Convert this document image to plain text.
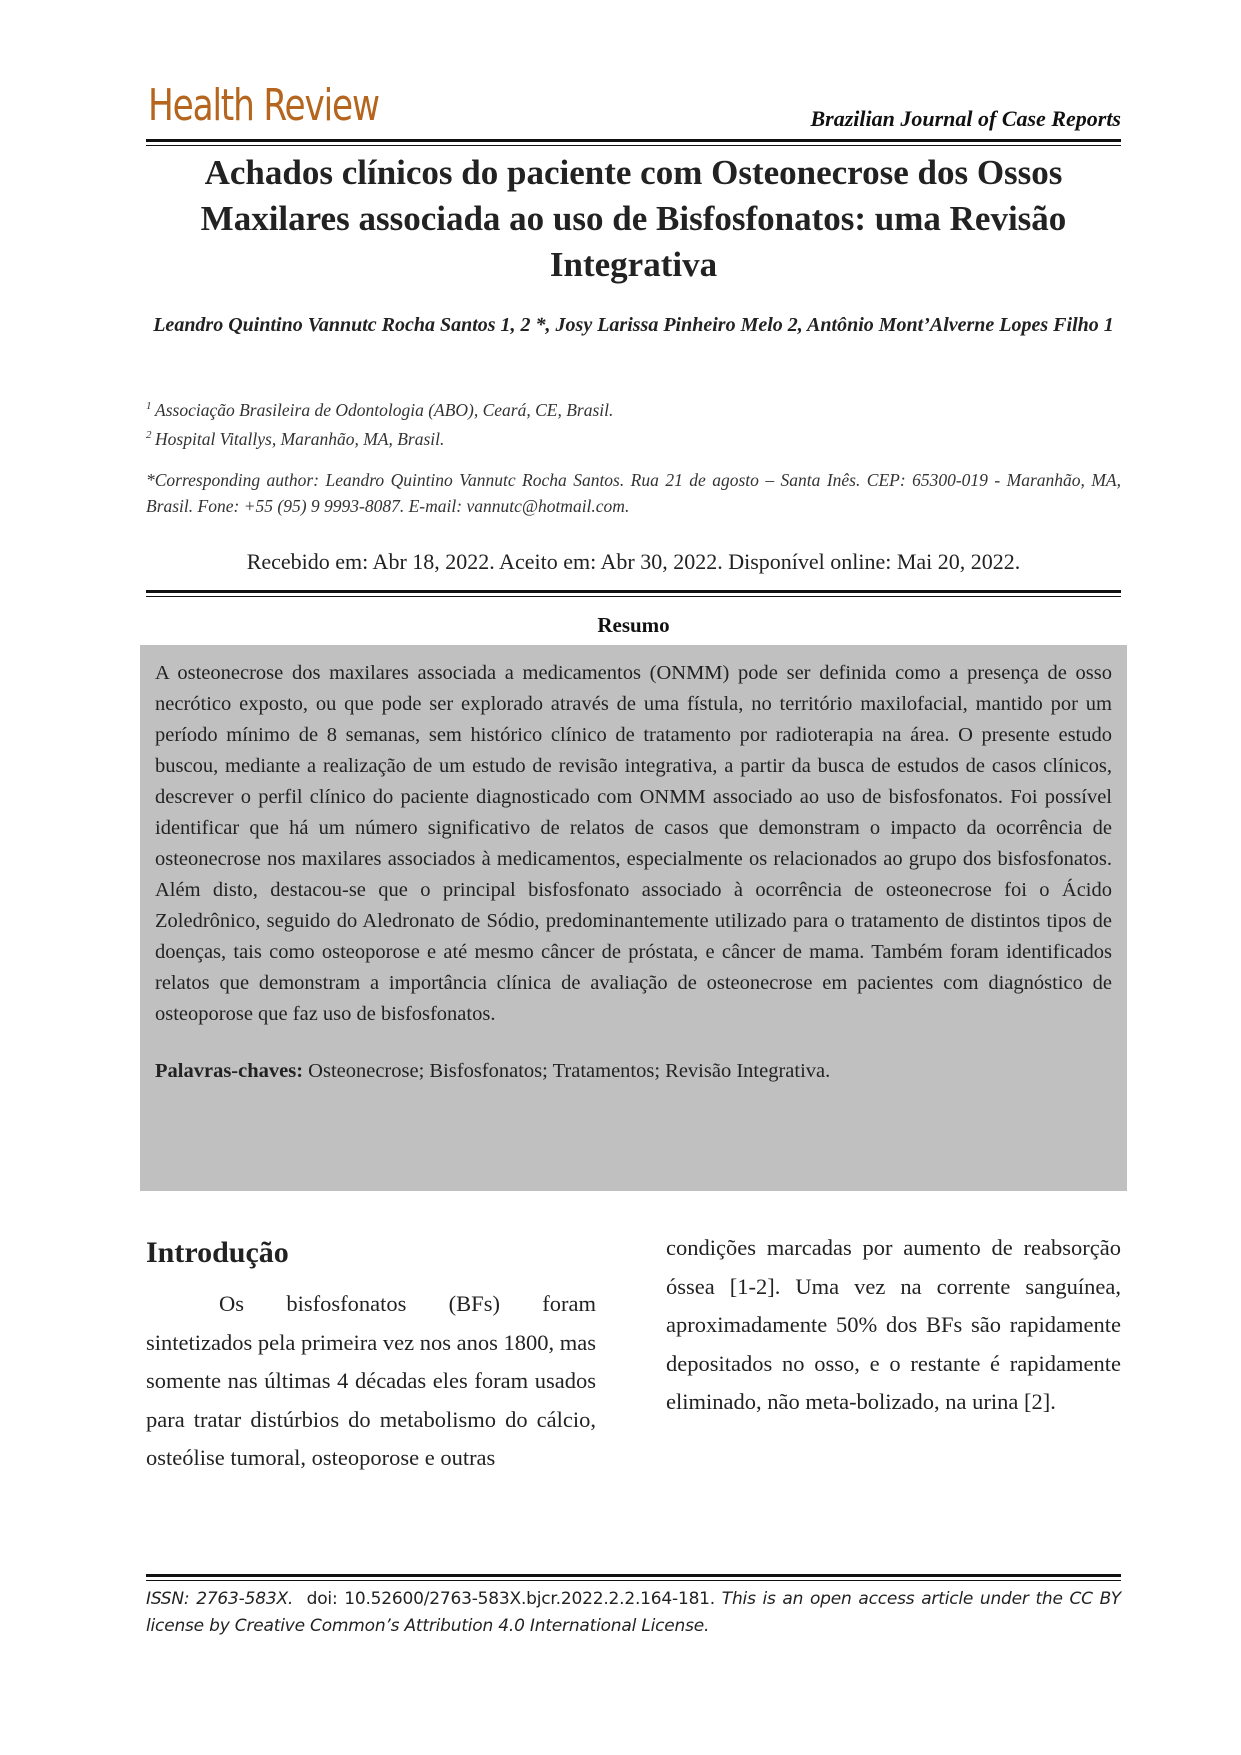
Health Review	Brazilian Journal of Case Reports
Achados clínicos do paciente com Osteonecrose dos Ossos Maxilares associada ao uso de Bisfosfonatos: uma Revisão Integrativa
Leandro Quintino Vannutc Rocha Santos 1, 2 *, Josy Larissa Pinheiro Melo 2, Antônio Mont’Alverne Lopes Filho 1
$^1$  Associação Brasileira de Odontologia (ABO), Ceará, CE, Brasil.
$^2$  Hospital Vitallys, Maranhão, MA, Brasil.
*Corresponding author: Leandro Quintino Vannutc Rocha Santos. Rua 21 de agosto – Santa Inês. CEP: 65300-019 - Maranhão, MA, Brasil. Fone: +55 (95) 9 9993-8087. E-mail: vannutc@hotmail.com.
Recebido em: Abr 18, 2022. Aceito em: Abr 30, 2022. Disponível online: Mai 20, 2022.
Resumo

A osteonecrose dos maxilares associada a medicamentos (ONMM) pode ser definida como a presença de osso necrótico exposto, ou que pode ser explorado através de uma fístula, no território maxilofacial, mantido por um período mínimo de 8 semanas, sem histórico clínico de tratamento por radioterapia na área. O presente estudo buscou, mediante a realização de um estudo de revisão integrativa, a partir da busca de estudos de casos clínicos, descrever o perfil clínico do paciente diagnosticado com ONMM associado ao uso de bisfosfonatos. Foi possível identificar que há um número significativo de relatos de casos que demonstram o impacto da ocorrência de osteonecrose nos maxilares associados à medicamentos, especialmente os relacionados ao grupo dos bisfosfonatos. Além disto, destacou-se que o principal bisfosfonato associado à ocorrência de osteonecrose foi o Ácido Zoledrônico, seguido do Aledronato de Sódio, predominantemente utilizado para o tratamento de distintos tipos de doenças, tais como osteoporose e até mesmo câncer de próstata, e câncer de mama. Também foram identificados relatos que demonstram a importância clínica de avaliação de osteonecrose em pacientes com diagnóstico de osteoporose que faz uso de bisfosfonatos.

Palavras-chaves: Osteonecrose; Bisfosfonatos; Tratamentos; Revisão Integrativa.
Introdução

Os bisfosfonatos (BFs) foram sintetizados pela primeira vez nos anos 1800, mas somente nas últimas 4 décadas eles foram usados para tratar distúrbios do metabolismo do cálcio, osteólise tumoral, osteoporose e outras

condições marcadas por aumento de reabsorção óssea [1-2]. Uma vez na corrente sanguínea, aproximadamente 50% dos BFs são rapidamente depositados no osso, e o restante é rapidamente eliminado, não meta-bolizado, na urina [2].

ISSN: 2763-583X. doi: 10.52600/2763-583X.bjcr.2022.2.2.164-181. This is an open access article under the CC BY license by Creative Common’s Attribution 4.0 International License.
